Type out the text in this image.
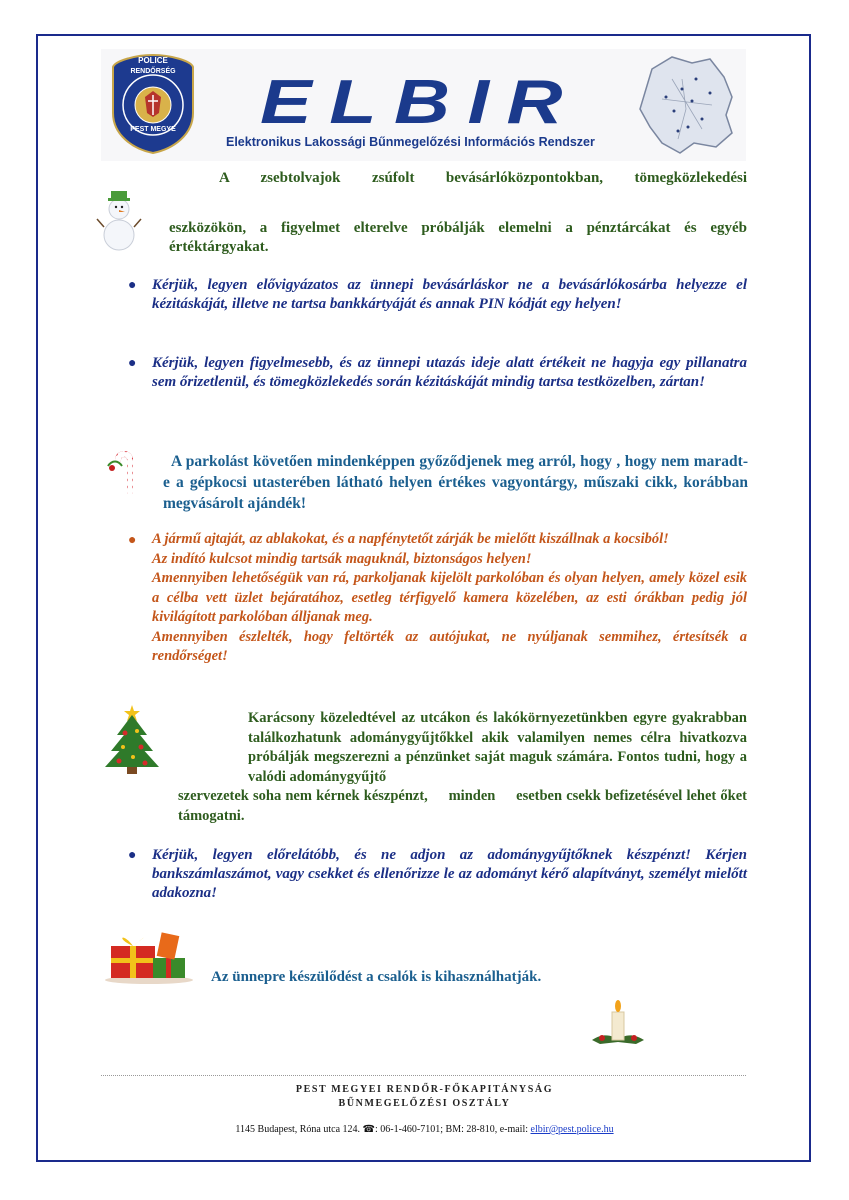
POLICE
RENDŐRSÉG
PEST MEGYE	ELBIR
Elektronikus Lakossági Bűnmegelőzési Információs Rendszer
A zsebtolvajok zsúfolt bevásárlóközpontokban, tömegközlekedési
eszközökön, a figyelmet elterelve próbálják elemelni a pénztárcákat és egyéb értéktárgyakat.
● Kérjük, legyen elővigyázatos az ünnepi bevásárláskor ne a bevásárlókosárba helyezze el kézitáskáját, illetve ne tartsa bankkártyáját és annak PIN kódját egy helyen!
● Kérjük, legyen figyelmesebb, és az ünnepi utazás ideje alatt értékeit ne hagyja egy pillanatra sem őrizetlenül, és tömegközlekedés során kézitáskáját mindig tartsa testközelben, zártan!
A parkolást követően mindenképpen győződjenek meg arról, hogy , hogy nem maradt-e a gépkocsi utasterében látható helyen értékes vagyontárgy, műszaki cikk, korábban megvásárolt ajándék!
● A jármű ajtaját, az ablakokat, és a napfénytetőt zárják be mielőtt kiszállnak a kocsiból!
Az indító kulcsot mindig tartsák maguknál, biztonságos helyen!
Amennyiben lehetőségük van rá, parkoljanak kijelölt parkolóban és olyan helyen, amely közel esik a célba vett üzlet bejáratához, esetleg térfigyelő kamera közelében, az esti órákban pedig jól kivilágított parkolóban álljanak meg.
Amennyiben észlelték, hogy feltörték az autójukat, ne nyúljanak semmihez, értesítsék a rendőrséget!
Karácsony közeledtével az utcákon és lakókörnyezetünkben egyre gyakrabban találkozhatunk adománygyűjtőkkel akik valamilyen nemes célra hivatkozva próbálják megszerezni a pénzünket saját maguk számára. Fontos tudni, hogy a valódi adománygyűjtő
szervezetek soha nem kérnek készpénzt,     minden     esetben csekk befizetésével lehet őket támogatni.
● Kérjük, legyen előrelátóbb, és ne adjon az adománygyűjtőknek készpénzt! Kérjen bankszámlaszámot, vagy csekket és ellenőrizze le az adományt kérő alapítványt, személyt mielőtt adakozna!
Az ünnepre készülődést a csalók is kihasználhatják.
PEST MEGYEI RENDŐR-FŐKAPITÁNYSÁG
BŰNMEGELŐZÉSI OSZTÁLY
1145 Budapest, Róna utca 124. ☎: 06-1-460-7101; BM: 28-810, e-mail: elbir@pest.police.hu
